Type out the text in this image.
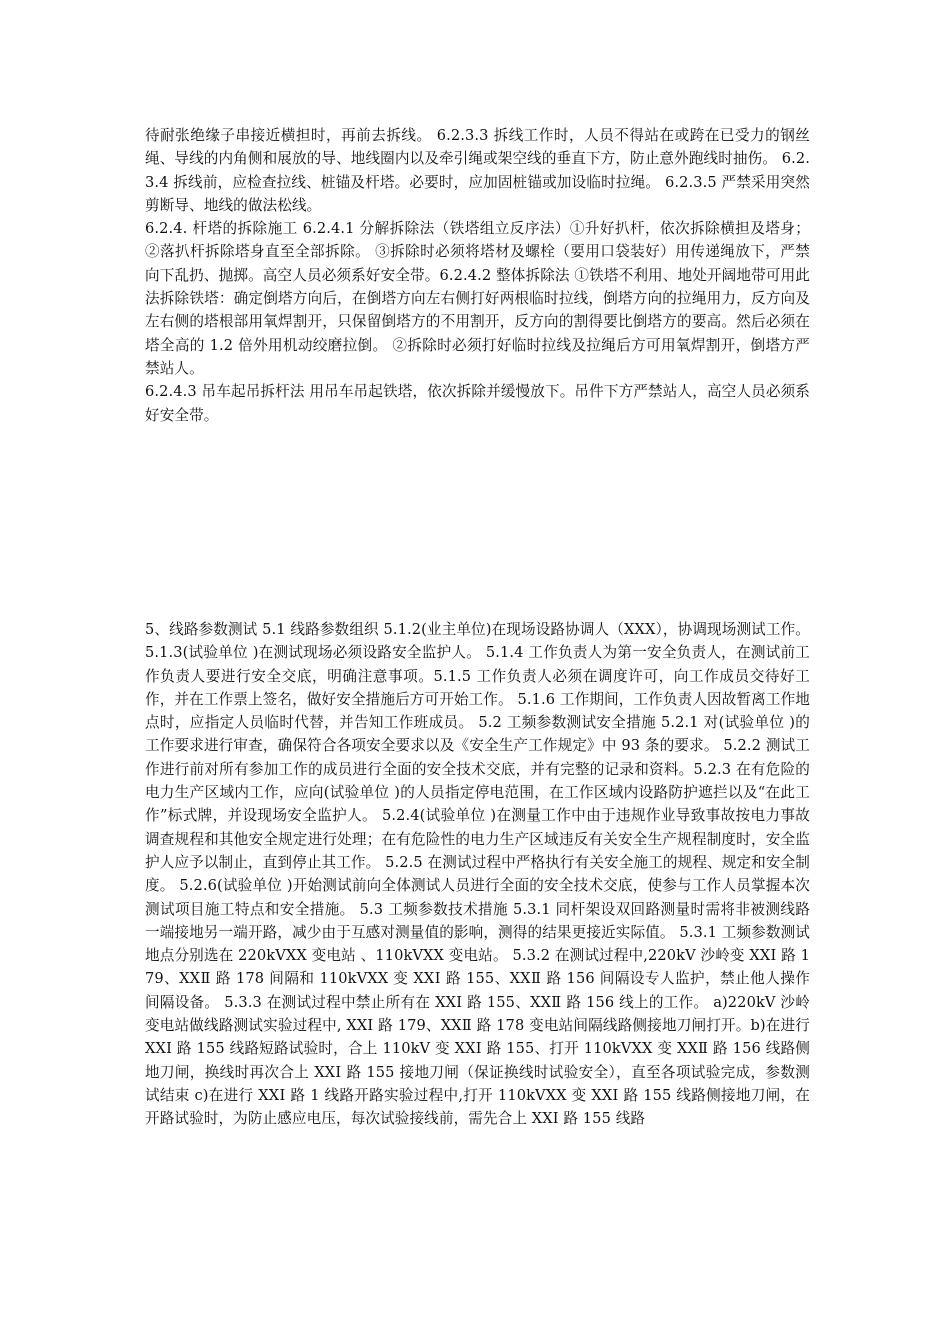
待耐张绝缘子串接近横担时，再前去拆线。 6.2.3.3 拆线工作时，人员不得站在或跨在已受力的钢丝绳、导线的内角侧和展放的导、地线圈内以及牵引绳或架空线的垂直下方，防止意外跑线时抽伤。 6.2.3.4 拆线前，应检查拉线、桩锚及杆塔。必要时，应加固桩锚或加设临时拉绳。 6.2.3.5 严禁采用突然剪断导、地线的做法松线。

6.2.4. 杆塔的拆除施工 6.2.4.1 分解拆除法（铁塔组立反序法）①升好扒杆，依次拆除横担及塔身；②落扒杆拆除塔身直至全部拆除。 ③拆除时必须将塔材及螺栓（要用口袋装好）用传递绳放下，严禁向下乱扔、抛掷。高空人员必须系好安全带。6.2.4.2 整体拆除法 ①铁塔不利用、地处开阔地带可用此法拆除铁塔：确定倒塔方向后，在倒塔方向左右侧打好两根临时拉线，倒塔方向的拉绳用力，反方向及左右侧的塔根部用氧焊割开，只保留倒塔方的不用割开，反方向的割得要比倒塔方的要高。然后必须在塔全高的 1.2 倍外用机动绞磨拉倒。 ②拆除时必须打好临时拉线及拉绳后方可用氧焊割开，倒塔方严禁站人。

6.2.4.3 吊车起吊拆杆法 用吊车吊起铁塔，依次拆除并缓慢放下。吊件下方严禁站人，高空人员必须系好安全带。

5、线路参数测试 5.1 线路参数组织 5.1.2(业主单位)在现场设路协调人（XXX），协调现场测试工作。 5.1.3(试验单位 )在测试现场必须设路安全监护人。 5.1.4 工作负责人为第一安全负责人，在测试前工作负责人要进行安全交底，明确注意事项。5.1.5 工作负责人必须在调度许可，向工作成员交待好工作，并在工作票上签名，做好安全措施后方可开始工作。 5.1.6 工作期间，工作负责人因故暂离工作地点时，应指定人员临时代替，并告知工作班成员。 5.2 工频参数测试安全措施 5.2.1 对(试验单位 )的工作要求进行审查，确保符合各项安全要求以及《安全生产工作规定》中 93 条的要求。 5.2.2 测试工作进行前对所有参加工作的成员进行全面的安全技术交底，并有完整的记录和资料。5.2.3 在有危险的电力生产区域内工作，应向(试验单位 )的人员指定停电范围，在工作区域内设路防护遮拦以及“在此工作”标式牌，并设现场安全监护人。 5.2.4(试验单位 )在测量工作中由于违规作业导致事故按电力事故调查规程和其他安全规定进行处理；在有危险性的电力生产区域违反有关安全生产规程制度时，安全监护人应予以制止，直到停止其工作。 5.2.5 在测试过程中严格执行有关安全施工的规程、规定和安全制度。 5.2.6(试验单位 )开始测试前向全体测试人员进行全面的安全技术交底，使参与工作人员掌握本次测试项目施工特点和安全措施。 5.3 工频参数技术措施 5.3.1 同杆架设双回路测量时需将非被测线路一端接地另一端开路，减少由于互感对测量值的影响，测得的结果更接近实际值。 5.3.1 工频参数测试地点分别选在 220kVXX 变电站 、110kVXX 变电站。 5.3.2 在测试过程中,220kV 沙岭变 XXⅠ 路 179、XXⅡ 路 178 间隔和 110kVXX 变 XXⅠ 路 155、XXⅡ 路 156 间隔设专人监护，禁止他人操作间隔设备。 5.3.3 在测试过程中禁止所有在 XXⅠ 路 155、XXⅡ 路 156 线上的工作。 a)220kV 沙岭变电站做线路测试实验过程中, XXⅠ 路 179、XXⅡ 路 178 变电站间隔线路侧接地刀闸打开。b)在进行 XXⅠ 路 155 线路短路试验时，合上 110kV 变 XXⅠ 路 155、打开 110kVXX 变 XXⅡ 路 156 线路侧地刀闸，换线时再次合上 XXⅠ 路 155 接地刀闸（保证换线时试验安全），直至各项试验完成，参数测试结束 c)在进行 XXⅠ 路 1 线路开路实验过程中,打开 110kVXX 变 XXⅠ 路 155 线路侧接地刀闸，在开路试验时，为防止感应电压，每次试验接线前，需先合上 XXⅠ 路 155 线路
